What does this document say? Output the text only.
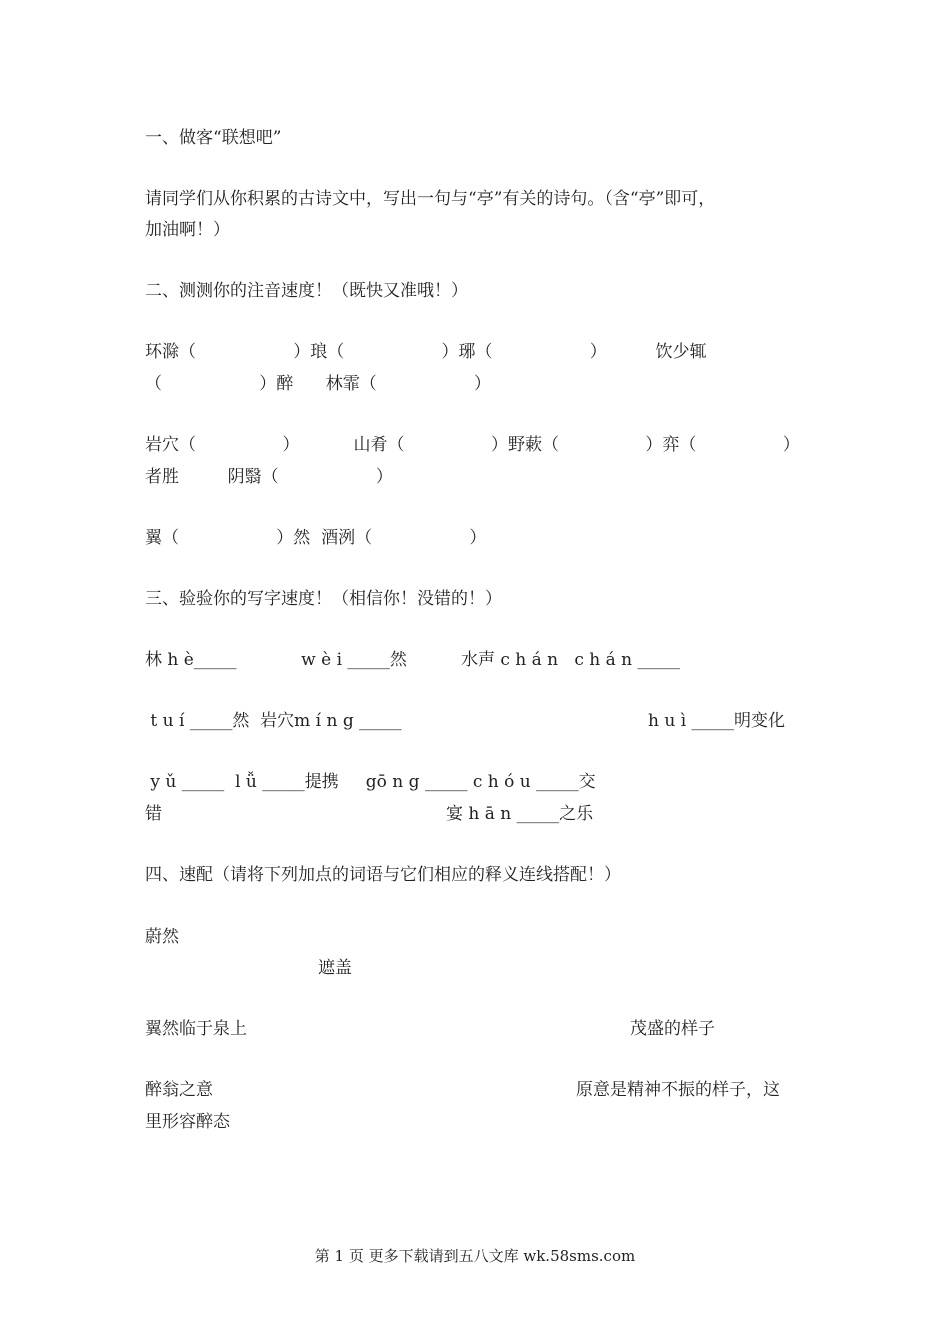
一、做客“联想吧”
请同学们从你积累的古诗文中，写出一句与“亭”有关的诗句。（含“亭”即可，
加油啊！）
二、测测你的注音速度！（既快又准哦！）
环滁（                  ）琅（                  ）琊（                  ）         饮少辄
（                  ）醉      林霏（                  ）
岩穴（                ）          山肴（                ）野蔌（                ）弈（                ）
者胜         阴翳（                  ）
翼（                  ）然  酒洌（                  ）
三、验验你的写字速度！（相信你！没错的！）
林 h è_____            w è i _____然          水声 c h á n   c h á n _____
t u í _____然  岩穴m í n g _____	h u ì _____明变化
y ǔ _____  l ǚ _____提携     gō n g _____ c h ó u _____交
错	宴 h ā n _____之乐
四、速配（请将下列加点的词语与它们相应的释义连线搭配！）
蔚然
遮盖
翼然临于泉上	茂盛的样子
醉翁之意	原意是精神不振的样子，这
里形容醉态
第 1 页 更多下载请到五八文库 wk.58sms.com
